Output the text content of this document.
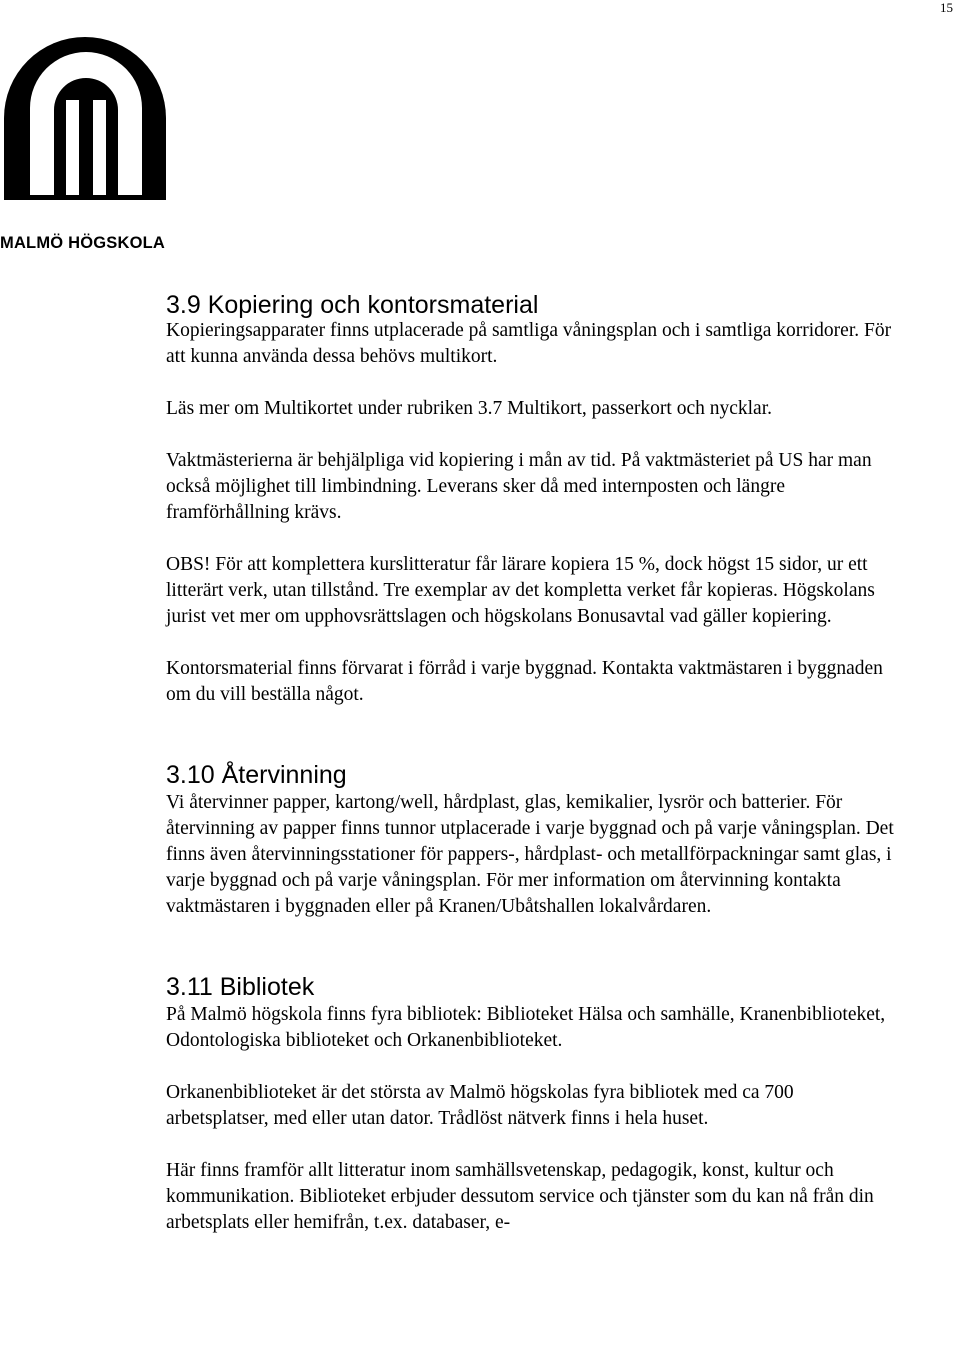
15
MALMÖ HÖGSKOLA
3.9 Kopiering och kontorsmaterial

Kopieringsapparater finns utplacerade på samtliga våningsplan och i samtliga korridorer. För att kunna använda dessa behövs multikort.

Läs mer om Multikortet under rubriken 3.7 Multikort, passerkort och nycklar.

Vaktmästerierna är behjälpliga vid kopiering i mån av tid. På vaktmästeriet på US har man också möjlighet till limbindning. Leverans sker då med internposten och längre framförhållning krävs.

OBS! För att komplettera kurslitteratur får lärare kopiera 15 %, dock högst 15 sidor, ur ett litterärt verk, utan tillstånd. Tre exemplar av det kompletta verket får kopieras. Högskolans jurist vet mer om upphovsrättslagen och högskolans Bonusavtal vad gäller kopiering.

Kontorsmaterial finns förvarat i förråd i varje byggnad. Kontakta vaktmästaren i byggnaden om du vill beställa något.

3.10 Återvinning

Vi återvinner papper, kartong/well, hårdplast, glas, kemikalier, lysrör och batterier. För återvinning av papper finns tunnor utplacerade i varje byggnad och på varje våningsplan. Det finns även återvinningsstationer för pappers-, hårdplast- och metallförpackningar samt glas, i varje byggnad och på varje våningsplan. För mer information om återvinning kontakta vaktmästaren i byggnaden eller på Kranen/Ubåtshallen lokalvårdaren.

3.11 Bibliotek

På Malmö högskola finns fyra bibliotek: Biblioteket Hälsa och samhälle, Kranenbiblioteket, Odontologiska biblioteket och Orkanenbiblioteket.

Orkanenbiblioteket är det största av Malmö högskolas fyra bibliotek med ca 700 arbetsplatser, med eller utan dator. Trådlöst nätverk finns i hela huset.

Här finns framför allt litteratur inom samhällsvetenskap, pedagogik, konst, kultur och kommunikation. Biblioteket erbjuder dessutom service och tjänster som du kan nå från din arbetsplats eller hemifrån, t.ex. databaser, e-
